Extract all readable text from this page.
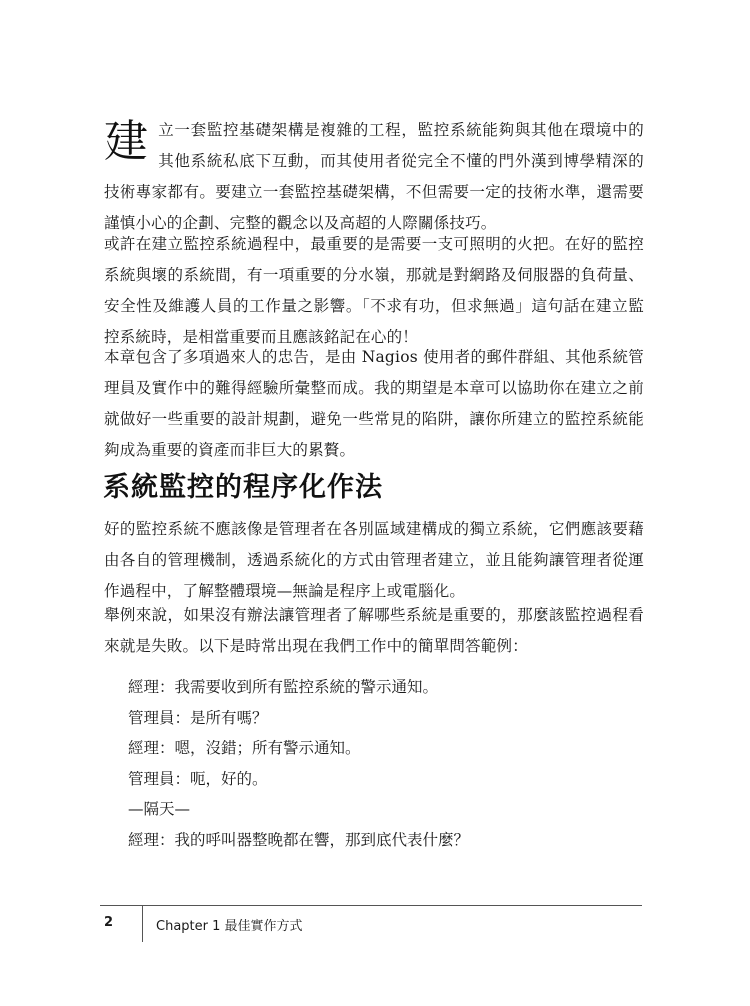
建 立一套監控基礎架構是複雜的工程，監控系統能夠與其他在環境中的其他系統私底下互動，而其使用者從完全不懂的門外漢到博學精深的技術專家都有。要建立一套監控基礎架構，不但需要一定的技術水準，還需要謹慎小心的企劃、完整的觀念以及高超的人際關係技巧。

或許在建立監控系統過程中，最重要的是需要一支可照明的火把。在好的監控系統與壞的系統間，有一項重要的分水嶺，那就是對網路及伺服器的負荷量、安全性及維護人員的工作量之影響。「不求有功，但求無過」這句話在建立監控系統時，是相當重要而且應該銘記在心的！

本章包含了多項過來人的忠告，是由 Nagios 使用者的郵件群組、其他系統管理員及實作中的難得經驗所彙整而成。我的期望是本章可以協助你在建立之前就做好一些重要的設計規劃，避免一些常見的陷阱，讓你所建立的監控系統能夠成為重要的資產而非巨大的累贅。

系統監控的程序化作法

好的監控系統不應該像是管理者在各別區域建構成的獨立系統，它們應該要藉由各自的管理機制，透過系統化的方式由管理者建立，並且能夠讓管理者從運作過程中，了解整體環境—無論是程序上或電腦化。

舉例來說，如果沒有辦法讓管理者了解哪些系統是重要的，那麼該監控過程看來就是失敗。以下是時常出現在我們工作中的簡單問答範例：

經理：我需要收到所有監控系統的警示通知。
管理員：是所有嗎？
經理：嗯，沒錯；所有警示通知。
管理員：呃，好的。
—隔天—
經理：我的呼叫器整晚都在響，那到底代表什麼？
2	Chapter 1 最佳實作方式
